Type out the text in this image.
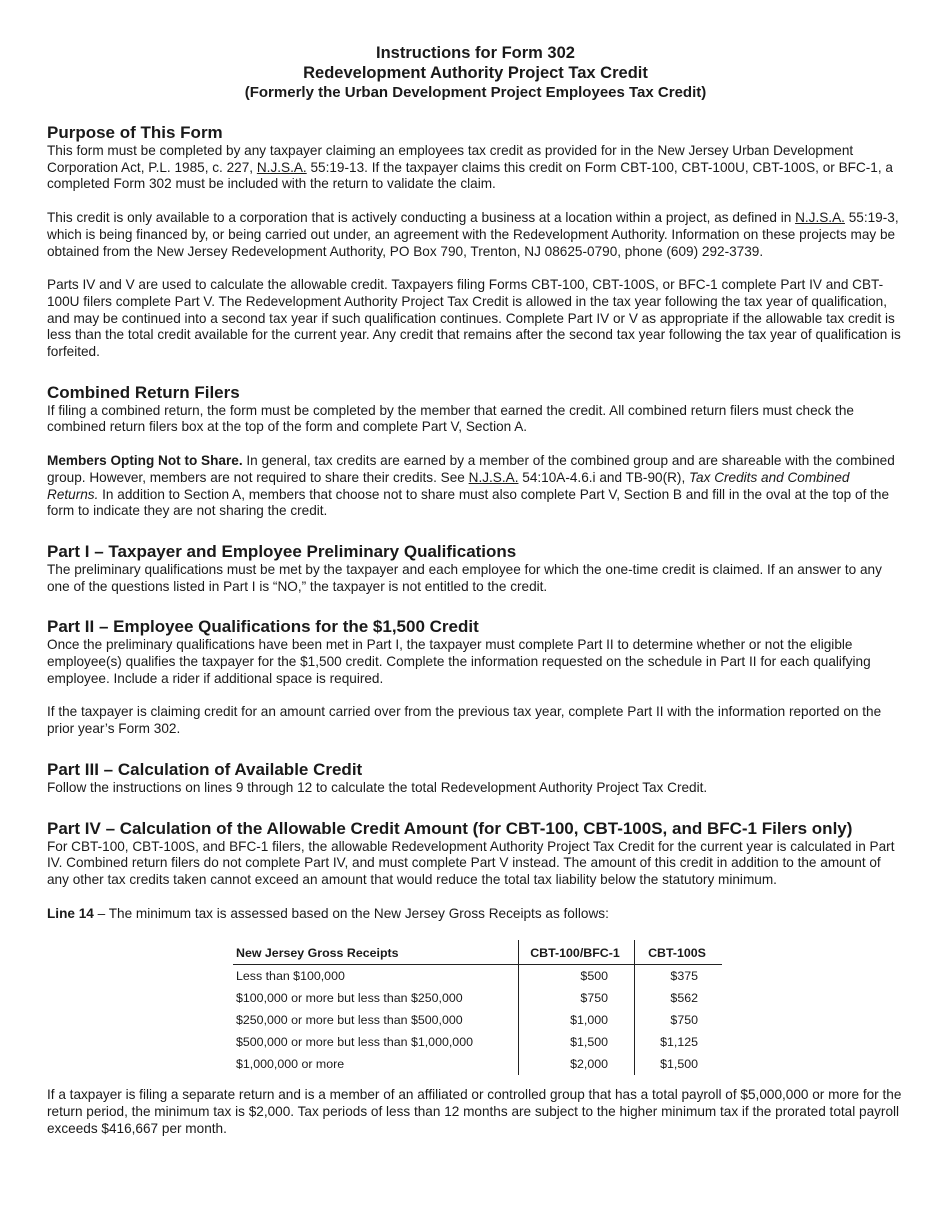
Instructions for Form 302
Redevelopment Authority Project Tax Credit
(Formerly the Urban Development Project Employees Tax Credit)
Purpose of This Form

This form must be completed by any taxpayer claiming an employees tax credit as provided for in the New Jersey Urban Development Corporation Act, P.L. 1985, c. 227, N.J.S.A. 55:19-13. If the taxpayer claims this credit on Form CBT-100, CBT-100U, CBT-100S, or BFC-1, a completed Form 302 must be included with the return to validate the claim.

This credit is only available to a corporation that is actively conducting a business at a location within a project, as defined in N.J.S.A. 55:19-3, which is being financed by, or being carried out under, an agreement with the Redevelopment Authority. Information on these projects may be obtained from the New Jersey Redevelopment Authority, PO Box 790, Trenton, NJ 08625-0790, phone (609) 292-3739.

Parts IV and V are used to calculate the allowable credit. Taxpayers filing Forms CBT-100, CBT-100S, or BFC-1 complete Part IV and CBT-100U filers complete Part V. The Redevelopment Authority Project Tax Credit is allowed in the tax year following the tax year of qualification, and may be continued into a second tax year if such qualification continues. Complete Part IV or V as appropriate if the allowable tax credit is less than the total credit available for the current year. Any credit that remains after the second tax year following the tax year of qualification is forfeited.

Combined Return Filers

If filing a combined return, the form must be completed by the member that earned the credit. All combined return filers must check the combined return filers box at the top of the form and complete Part V, Section A.

Members Opting Not to Share. In general, tax credits are earned by a member of the combined group and are shareable with the combined group. However, members are not required to share their credits. See N.J.S.A. 54:10A-4.6.i and TB-90(R), Tax Credits and Combined Returns. In addition to Section A, members that choose not to share must also complete Part V, Section B and fill in the oval at the top of the form to indicate they are not sharing the credit.

Part I – Taxpayer and Employee Preliminary Qualifications

The preliminary qualifications must be met by the taxpayer and each employee for which the one-time credit is claimed. If an answer to any one of the questions listed in Part I is “NO,” the taxpayer is not entitled to the credit.

Part II – Employee Qualifications for the $1,500 Credit

Once the preliminary qualifications have been met in Part I, the taxpayer must complete Part II to determine whether or not the eligible employee(s) qualifies the taxpayer for the $1,500 credit. Complete the information requested on the schedule in Part II for each qualifying employee. Include a rider if additional space is required.

If the taxpayer is claiming credit for an amount carried over from the previous tax year, complete Part II with the information reported on the prior year’s Form 302.

Part III – Calculation of Available Credit

Follow the instructions on lines 9 through 12 to calculate the total Redevelopment Authority Project Tax Credit.

Part IV – Calculation of the Allowable Credit Amount (for CBT-100, CBT-100S, and BFC-1 Filers only)

For CBT-100, CBT-100S, and BFC-1 filers, the allowable Redevelopment Authority Project Tax Credit for the current year is calculated in Part IV. Combined return filers do not complete Part IV, and must complete Part V instead. The amount of this credit in addition to the amount of any other tax credits taken cannot exceed an amount that would reduce the total tax liability below the statutory minimum.

Line 14 – The minimum tax is assessed based on the New Jersey Gross Receipts as follows:

New Jersey Gross Receipts	CBT-100/BFC-1	CBT-100S
Less than $100,000	$500	$375
$100,000 or more but less than $250,000	$750	$562
$250,000 or more but less than $500,000	$1,000	$750
$500,000 or more but less than $1,000,000	$1,500	$1,125
$1,000,000 or more	$2,000	$1,500

If a taxpayer is filing a separate return and is a member of an affiliated or controlled group that has a total payroll of $5,000,000 or more for the return period, the minimum tax is $2,000. Tax periods of less than 12 months are subject to the higher minimum tax if the prorated total payroll exceeds $416,667 per month.
